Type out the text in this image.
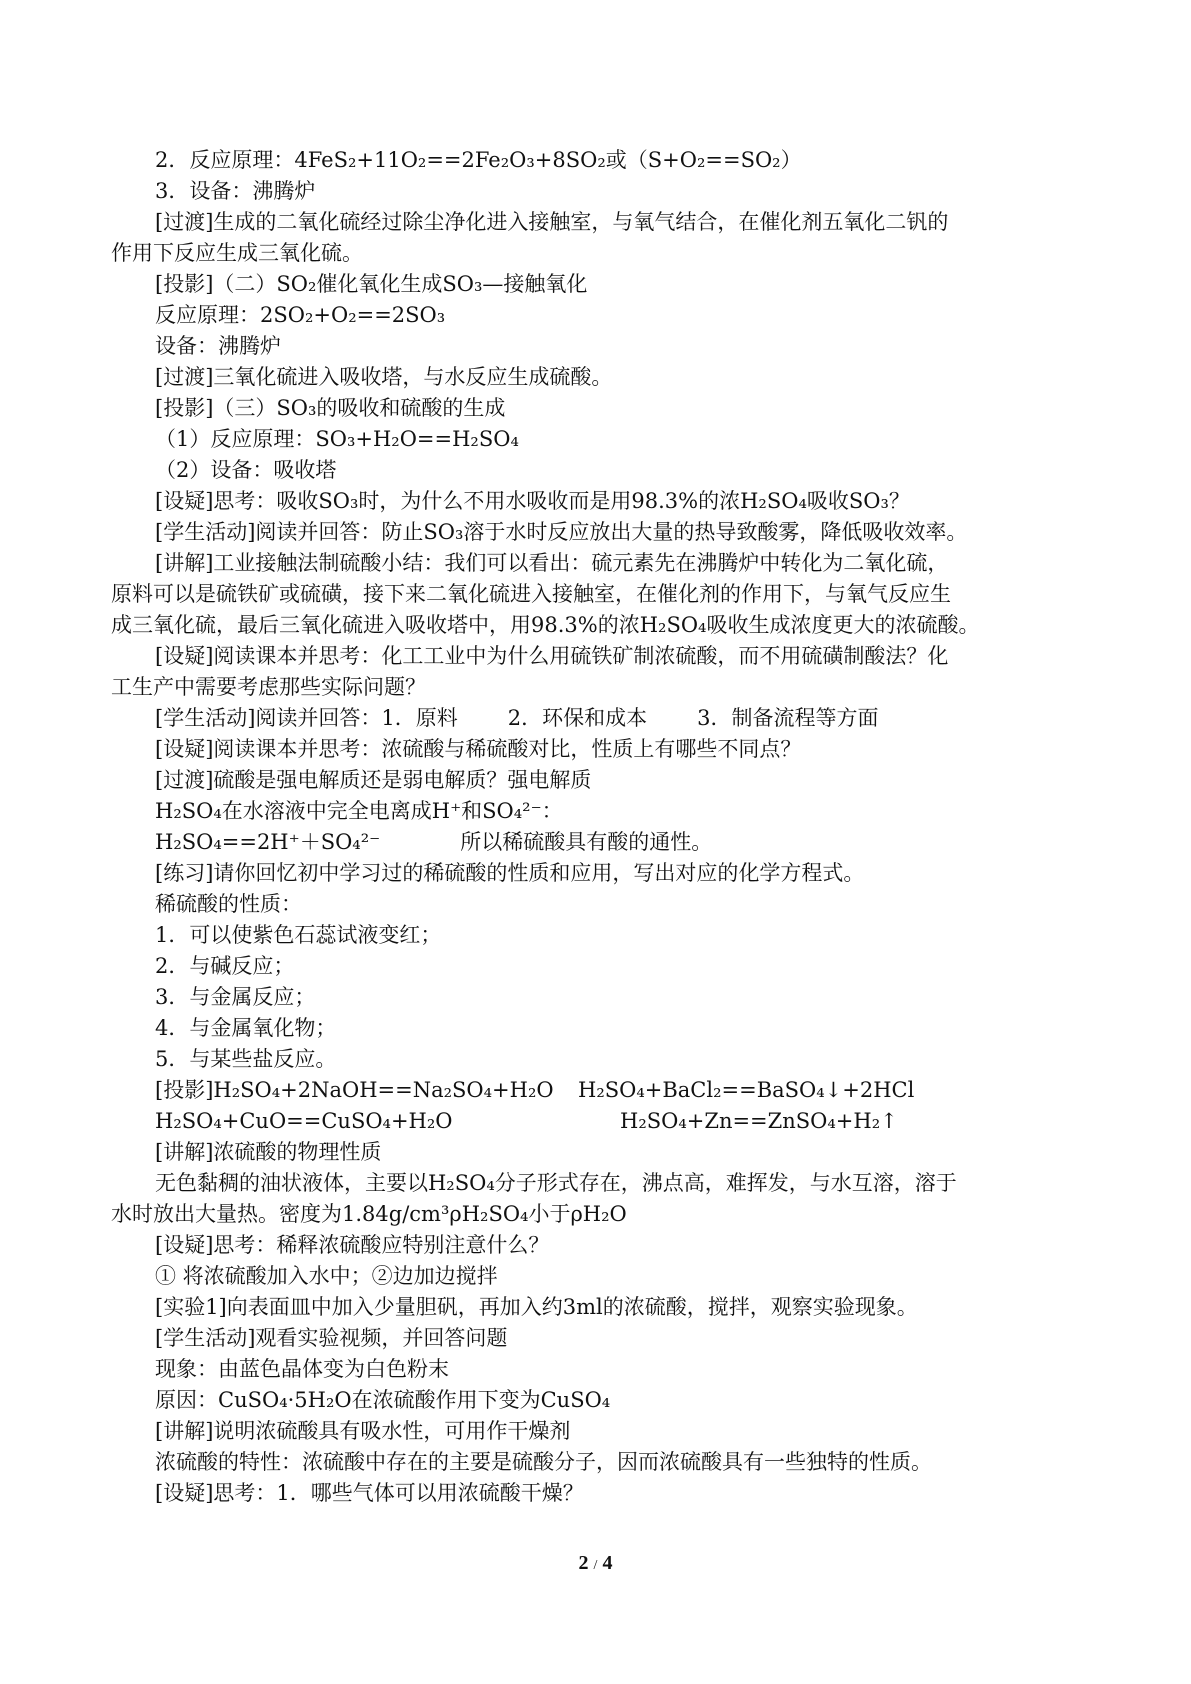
2．反应原理：4FeS₂+11O₂==2Fe₂O₃+8SO₂或（S+O₂==SO₂）
3．设备：沸腾炉
[过渡]生成的二氧化硫经过除尘净化进入接触室，与氧气结合，在催化剂五氧化二钒的
作用下反应生成三氧化硫。
[投影]（二）SO₂催化氧化生成SO₃—接触氧化
反应原理：2SO₂+O₂==2SO₃
设备：沸腾炉
[过渡]三氧化硫进入吸收塔，与水反应生成硫酸。
[投影]（三）SO₃的吸收和硫酸的生成
（1）反应原理：SO₃+H₂O==H₂SO₄
（2）设备：吸收塔
[设疑]思考：吸收SO₃时，为什么不用水吸收而是用98.3%的浓H₂SO₄吸收SO₃？
[学生活动]阅读并回答：防止SO₃溶于水时反应放出大量的热导致酸雾，降低吸收效率。
[讲解]工业接触法制硫酸小结：我们可以看出：硫元素先在沸腾炉中转化为二氧化硫，
原料可以是硫铁矿或硫磺，接下来二氧化硫进入接触室，在催化剂的作用下，与氧气反应生
成三氧化硫，最后三氧化硫进入吸收塔中，用98.3%的浓H₂SO₄吸收生成浓度更大的浓硫酸。
[设疑]阅读课本并思考：化工工业中为什么用硫铁矿制浓硫酸，而不用硫磺制酸法？化
工生产中需要考虑那些实际问题？
[学生活动]阅读并回答：1．原料 2．环保和成本 3．制备流程等方面
[设疑]阅读课本并思考：浓硫酸与稀硫酸对比，性质上有哪些不同点？
[过渡]硫酸是强电解质还是弱电解质？强电解质
H₂SO₄在水溶液中完全电离成H⁺和SO₄²⁻：
H₂SO₄==2H⁺＋SO₄²⁻	所以稀硫酸具有酸的通性。
[练习]请你回忆初中学习过的稀硫酸的性质和应用，写出对应的化学方程式。
稀硫酸的性质：
1．可以使紫色石蕊试液变红；
2．与碱反应；
3．与金属反应；
4．与金属氧化物；
5．与某些盐反应。
[投影]H₂SO₄+2NaOH==Na₂SO₄+H₂O H₂SO₄+BaCl₂==BaSO₄↓+2HCl
H₂SO₄+CuO==CuSO₄+H₂O	H₂SO₄+Zn==ZnSO₄+H₂↑
[讲解]浓硫酸的物理性质
无色黏稠的油状液体，主要以H₂SO₄分子形式存在，沸点高，难挥发，与水互溶，溶于
水时放出大量热。密度为1.84g/cm³ρH₂SO₄小于ρH₂O
[设疑]思考：稀释浓硫酸应特别注意什么？
① 将浓硫酸加入水中；②边加边搅拌
[实验1]向表面皿中加入少量胆矾，再加入约3ml的浓硫酸，搅拌，观察实验现象。
[学生活动]观看实验视频，并回答问题
现象：由蓝色晶体变为白色粉末
原因：CuSO₄·5H₂O在浓硫酸作用下变为CuSO₄
[讲解]说明浓硫酸具有吸水性，可用作干燥剂
浓硫酸的特性：浓硫酸中存在的主要是硫酸分子，因而浓硫酸具有一些独特的性质。
[设疑]思考：1．哪些气体可以用浓硫酸干燥？
2 / 4
